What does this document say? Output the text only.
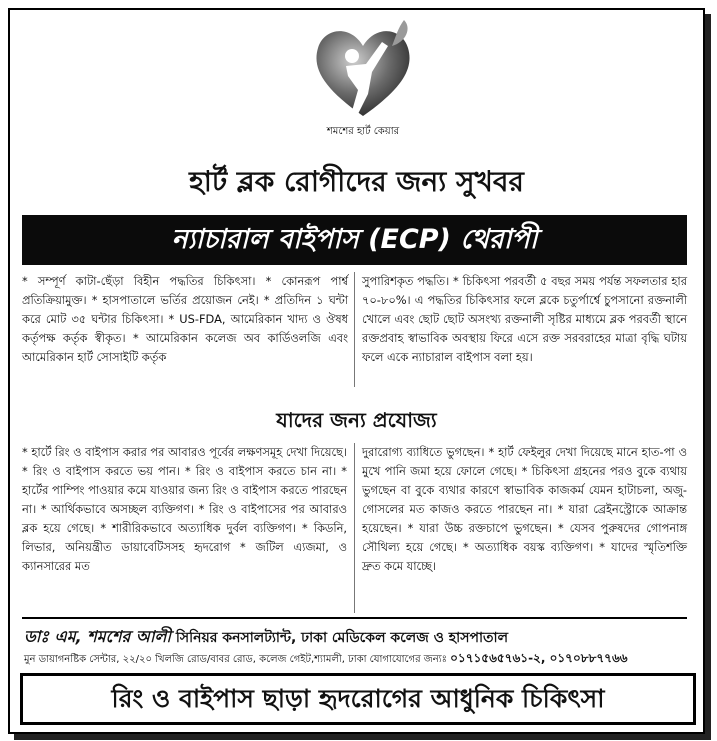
শমশের হার্ট কেয়ার
হার্ট ব্লক রোগীদের জন্য সুখবর
ন্যাচারাল বাইপাস (ECP) থেরাপী
* সম্পূর্ণ কাটা-ছেঁড়া বিহীন পদ্ধতির চিকিৎসা। * কোনরূপ পার্শ্ব প্রতিক্রিয়ামুক্ত। * হাসপাতালে ভর্তির প্রয়োজন নেই। * প্রতিদিন ১ ঘন্টা করে মোট ৩৫ ঘন্টার চিকিৎসা। * US-FDA, আমেরিকান খাদ্য ও ঔষধ কর্তৃপক্ষ কর্তৃক স্বীকৃত। * আমেরিকান কলেজ অব কার্ডিওলজি এবং আমেরিকান হার্ট সোসাইটি কর্তৃক
সুপারিশকৃত পদ্ধতি। * চিকিৎসা পরবর্তী ৫ বছর সময় পর্যন্ত সফলতার হার ৭০-৮০%। এ পদ্ধতির চিকিৎসার ফলে ব্লকে চতুর্পার্শ্বে চুপসানো রক্তনালী খোলে এবং ছোট ছোট অসংখ্য রক্তনালী সৃষ্টির মাধ্যমে ব্লক পরবর্তী স্থানে রক্তপ্রবাহ স্বাভাবিক অবস্থায় ফিরে এসে রক্ত সরবরাহের মাত্রা বৃদ্ধি ঘটায় ফলে একে ন্যাচারাল বাইপাস বলা হয়।
যাদের জন্য প্রযোজ্য
* হার্টে রিং ও বাইপাস করার পর আবারও পূর্বের লক্ষণসমূহ দেখা দিয়েছে। * রিং ও বাইপাস করতে ভয় পান। * রিং ও বাইপাস করতে চান না। * হার্টের পাম্পিং পাওয়ার কমে যাওয়ার জন্য রিং ও বাইপাস করতে পারছেন না। * আর্থিকভাবে অসচ্ছল ব্যক্তিগণ। * রিং ও বাইপাসের পর আবারও ব্লক হয়ে গেছে। * শারীরিকভাবে অত্যাধিক দুর্বল ব্যক্তিগণ। * কিডনি, লিভার, অনিয়ন্ত্রীত ডায়াবেটিসসহ হৃদরোগ * জটিল এ্যজমা, ও ক্যানসারের মত
দুরারোগ্য ব্যাধিতে ভুগছেন। * হার্ট ফেইলুর দেখা দিয়েছে মানে হাত-পা ও মুখে পানি জমা হয়ে ফোলে গেছে। * চিকিৎসা গ্রহনের পরও বুকে ব্যথায় ভুগছেন বা বুকে ব্যথার কারণে স্বাভাবিক কাজকর্ম যেমন হাটাচলা, অজু-গোসলের মত কাজও করতে পারছেন না। * যারা ব্রেইনস্ট্রোকে আক্রান্ত হয়েছেন। * যারা উচ্চ রক্তচাপে ভুগছেন। * যেসব পুরুষদের গোপনাঙ্গ সৌথিল্য হয়ে গেছে। * অত্যাধিক বয়স্ক ব্যক্তিগণ। * যাদের স্মৃতিশক্তি দ্রুত কমে যাচ্ছে।
ডাঃ এম, শমশের আলী সিনিয়র কনসালট্যান্ট, ঢাকা মেডিকেল কলেজ ও হাসপাতাল
মুন ডায়াগনষ্টিক সেন্টার, ২২/২০ খিলজি রোড/বাবর রোড, কলেজ গেইট,শ্যামলী, ঢাকা যোগাযোগের জন্যঃ ০১৭১৫৬৫৭৬১-২, ০১৭০৮৮৭৭৬৬
রিং ও বাইপাস ছাড়া হৃদরোগের আধুনিক চিকিৎসা
